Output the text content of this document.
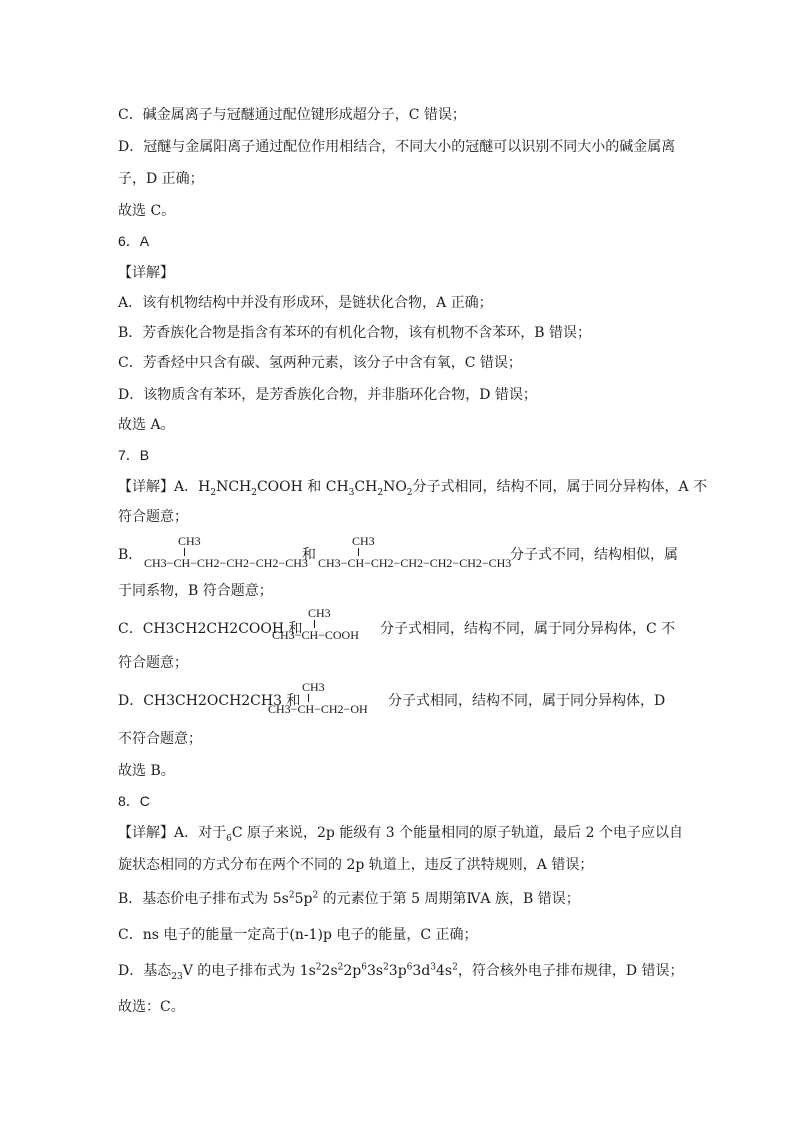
C．碱金属离子与冠醚通过配位键形成超分子，C 错误；
D．冠醚与金属阳离子通过配位作用相结合，不同大小的冠醚可以识别不同大小的碱金属离
子，D 正确；
故选 C。
6．A
【详解】
A．该有机物结构中并没有形成环，是链状化合物，A 正确；
B．芳香族化合物是指含有苯环的有机化合物，该有机物不含苯环，B 错误；
C．芳香烃中只含有碳、氢两种元素，该分子中含有氧，C 错误；
D．该物质含有苯环，是芳香族化合物，并非脂环化合物，D 错误；
故选 A。
7．B
【详解】A．$H_2NCH_2COOH$ 和 $CH_3CH_2NO_2$分子式相同，结构不同，属于同分异构体，A 不
符合题意；
B．
CH3
CH3−CH−CH2−CH2−CH2−CH3
和
CH3
CH3−CH−CH2−CH2−CH2−CH2−CH3
分子式不同，结构相似，属
于同系物，B 符合题意；
C．CH3CH2CH2COOH 和
CH3
CH3−CH−COOH 分子式相同，结构不同，属于同分异构体，C 不
符合题意；
D．CH3CH2OCH2CH3 和
CH3
CH3−CH−CH2−OH 分子式相同，结构不同，属于同分异构体，D
不符合题意；
故选 B。
8．C
【详解】A．对于$_6$C 原子来说，2p 能级有 3 个能量相同的原子轨道，最后 2 个电子应以自
旋状态相同的方式分布在两个不同的 2p 轨道上，违反了洪特规则，A 错误；
B．基态价电子排布式为 $5s^25p^2$ 的元素位于第 5 周期第ⅣA 族，B 错误；
C．ns 电子的能量一定高于(n-1)p 电子的能量，C 正确；
D．基态$_{23}$V 的电子排布式为 $1s^22s^22p^63s^23p^63d^34s^2$，符合核外电子排布规律，D 错误；
故选：C。
